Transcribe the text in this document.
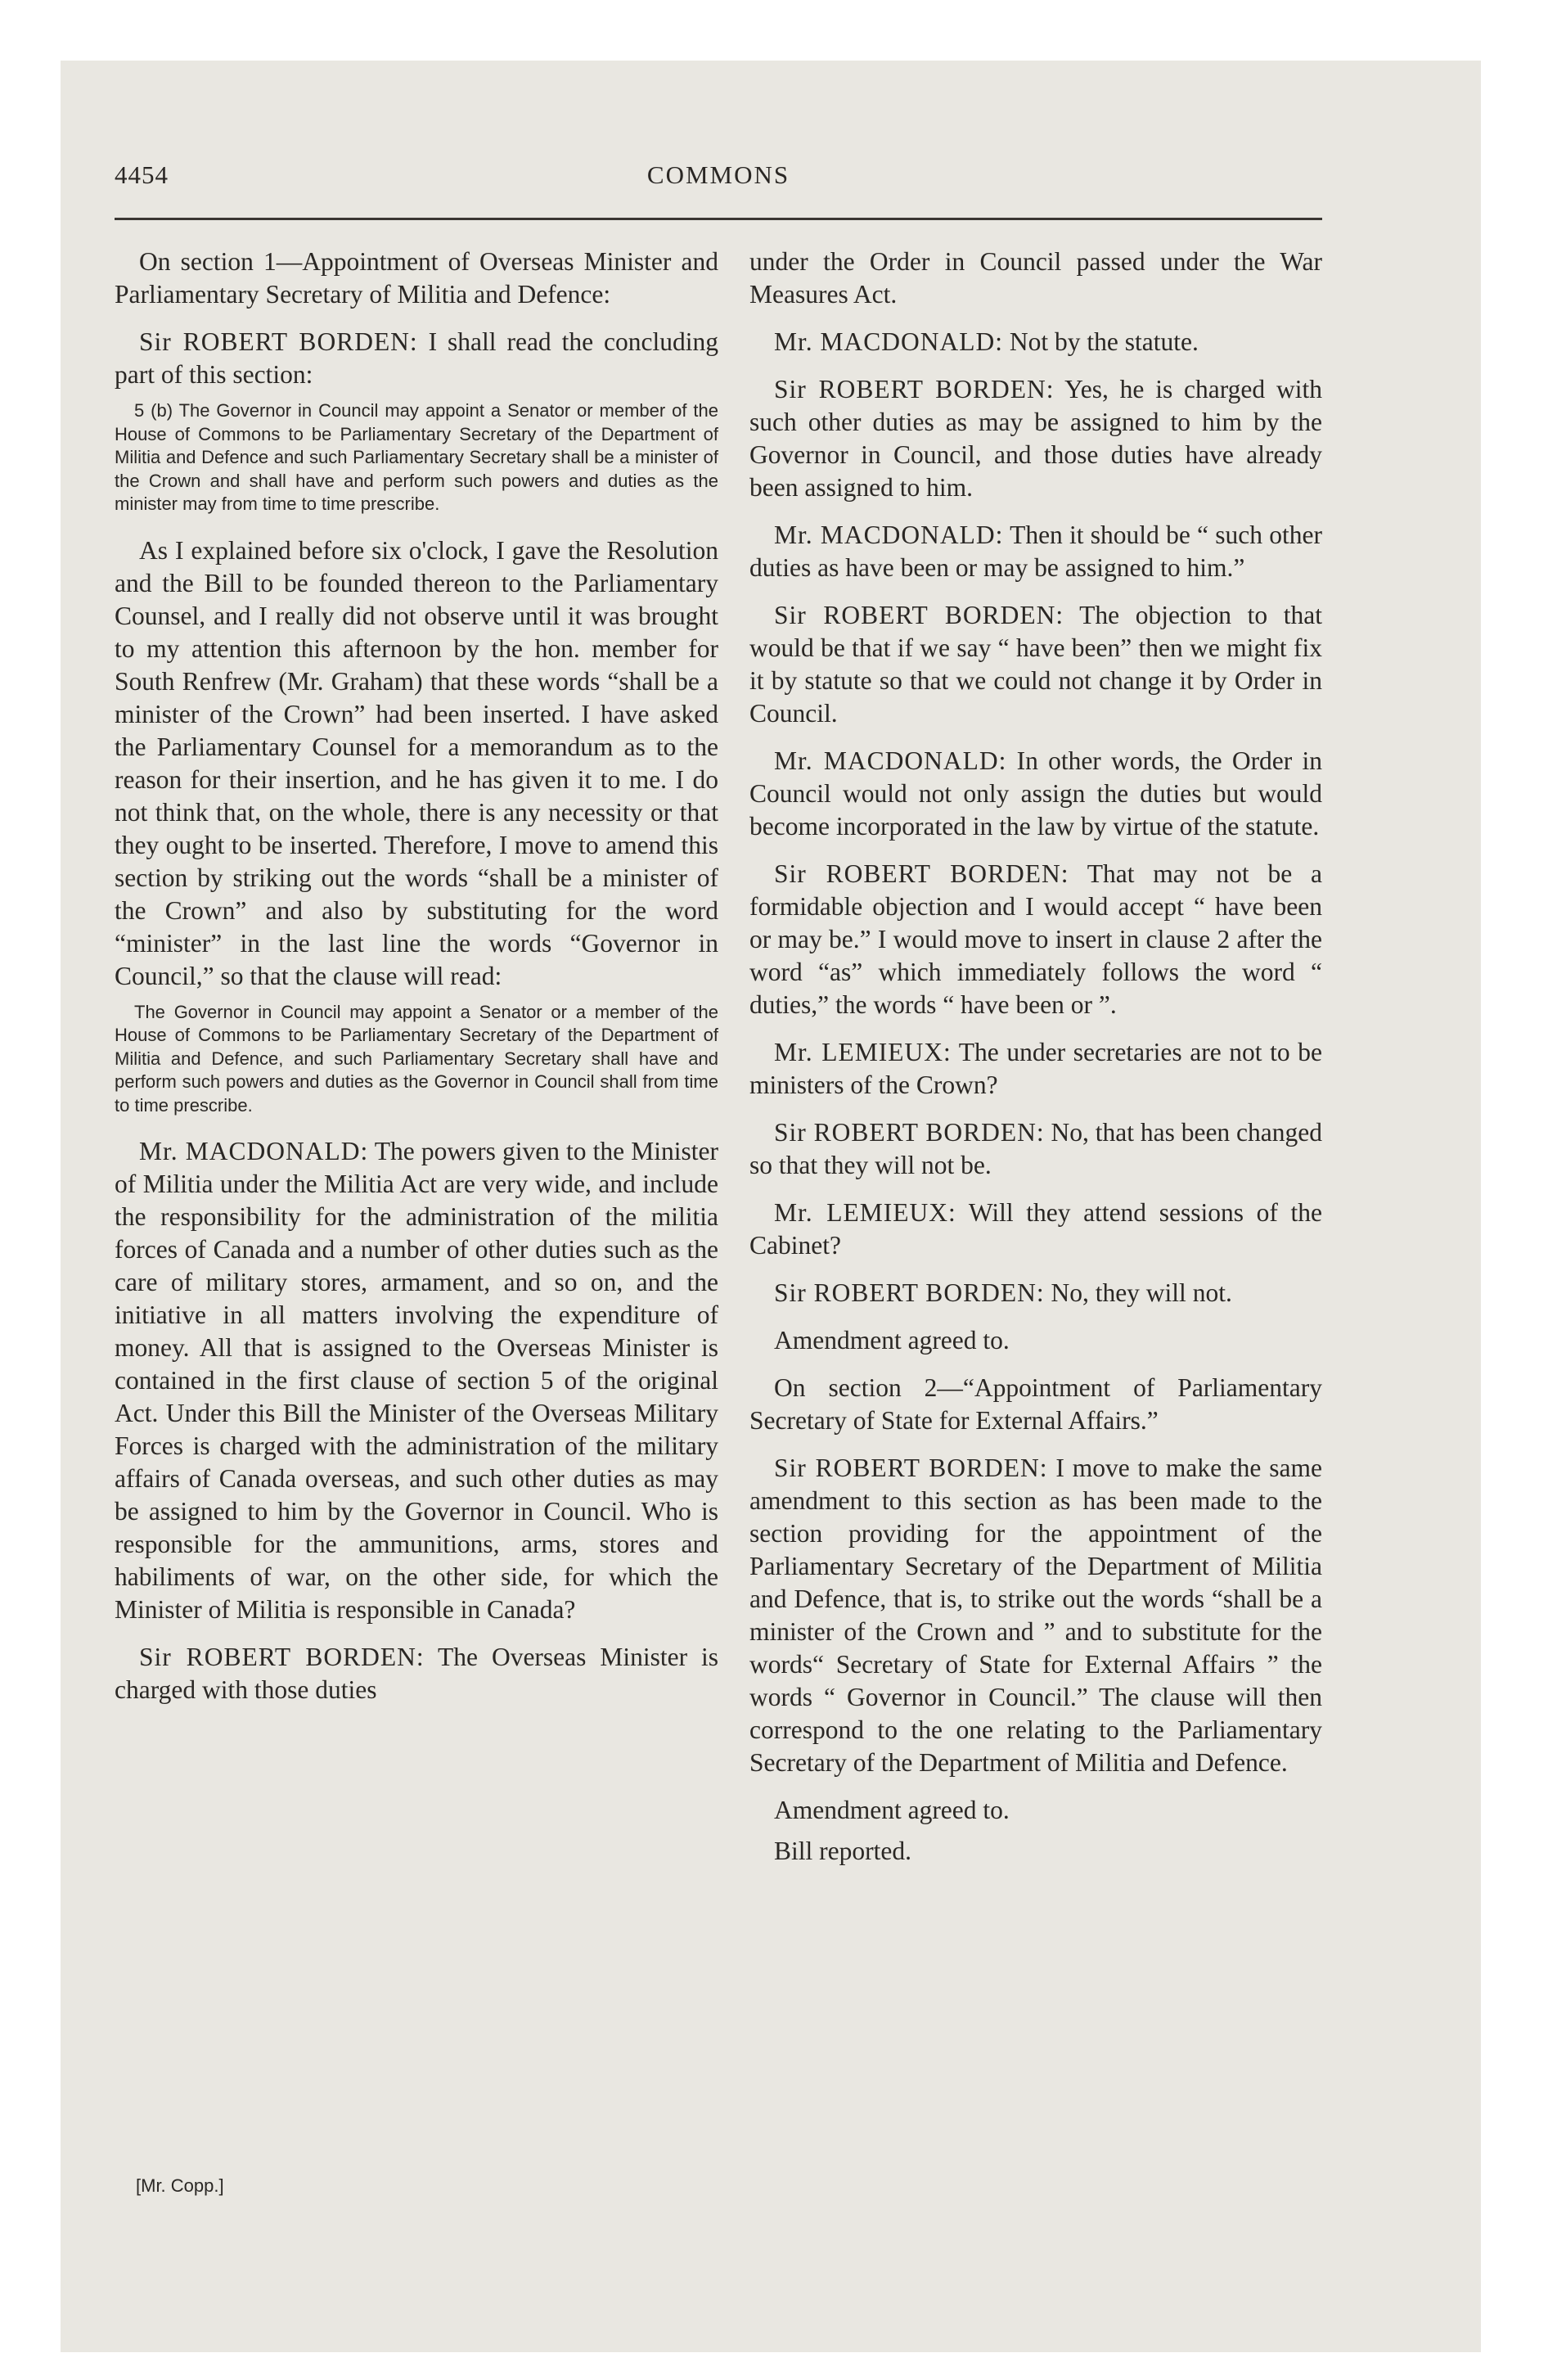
4454	COMMONS

On section 1—Appointment of Overseas Minister and Parliamentary Secretary of Militia and Defence:

Sir ROBERT BORDEN: I shall read the concluding part of this section:

5 (b) The Governor in Council may appoint a Senator or member of the House of Commons to be Parliamentary Secretary of the Department of Militia and Defence and such Parliamentary Secretary shall be a minister of the Crown and shall have and perform such powers and duties as the minister may from time to time prescribe.

As I explained before six o'clock, I gave the Resolution and the Bill to be founded thereon to the Parliamentary Counsel, and I really did not observe until it was brought to my attention this afternoon by the hon. member for South Renfrew (Mr. Graham) that these words “shall be a minister of the Crown” had been inserted. I have asked the Parliamentary Counsel for a memorandum as to the reason for their insertion, and he has given it to me. I do not think that, on the whole, there is any necessity or that they ought to be inserted. Therefore, I move to amend this section by striking out the words “shall be a minister of the Crown” and also by substituting for the word “minister” in the last line the words “Governor in Council,” so that the clause will read:

The Governor in Council may appoint a Senator or a member of the House of Commons to be Parliamentary Secretary of the Department of Militia and Defence, and such Parliamentary Secretary shall have and perform such powers and duties as the Governor in Council shall from time to time prescribe.

Mr. MACDONALD: The powers given to the Minister of Militia under the Militia Act are very wide, and include the responsibility for the administration of the militia forces of Canada and a number of other duties such as the care of military stores, armament, and so on, and the initiative in all matters involving the expenditure of money. All that is assigned to the Overseas Minister is contained in the first clause of section 5 of the original Act. Under this Bill the Minister of the Overseas Military Forces is charged with the administration of the military affairs of Canada overseas, and such other duties as may be assigned to him by the Governor in Council. Who is responsible for the ammunitions, arms, stores and habiliments of war, on the other side, for which the Minister of Militia is responsible in Canada?

Sir ROBERT BORDEN: The Overseas Minister is charged with those duties

under the Order in Council passed under the War Measures Act.

Mr. MACDONALD: Not by the statute.

Sir ROBERT BORDEN: Yes, he is charged with such other duties as may be assigned to him by the Governor in Council, and those duties have already been assigned to him.

Mr. MACDONALD: Then it should be “ such other duties as have been or may be assigned to him.”

Sir ROBERT BORDEN: The objection to that would be that if we say “ have been” then we might fix it by statute so that we could not change it by Order in Council.

Mr. MACDONALD: In other words, the Order in Council would not only assign the duties but would become incorporated in the law by virtue of the statute.

Sir ROBERT BORDEN: That may not be a formidable objection and I would accept “ have been or may be.” I would move to insert in clause 2 after the word “as” which immediately follows the word “ duties,” the words “ have been or ”.

Mr. LEMIEUX: The under secretaries are not to be ministers of the Crown?

Sir ROBERT BORDEN: No, that has been changed so that they will not be.

Mr. LEMIEUX: Will they attend sessions of the Cabinet?

Sir ROBERT BORDEN: No, they will not.

Amendment agreed to.

On section 2—“Appointment of Parliamentary Secretary of State for External Affairs.”

Sir ROBERT BORDEN: I move to make the same amendment to this section as has been made to the section providing for the appointment of the Parliamentary Secretary of the Department of Militia and Defence, that is, to strike out the words “shall be a minister of the Crown and ” and to substitute for the words“ Secretary of State for External Affairs ” the words “ Governor in Council.” The clause will then correspond to the one relating to the Parliamentary Secretary of the Department of Militia and Defence.

Amendment agreed to.

Bill reported.

[Mr. Copp.]
